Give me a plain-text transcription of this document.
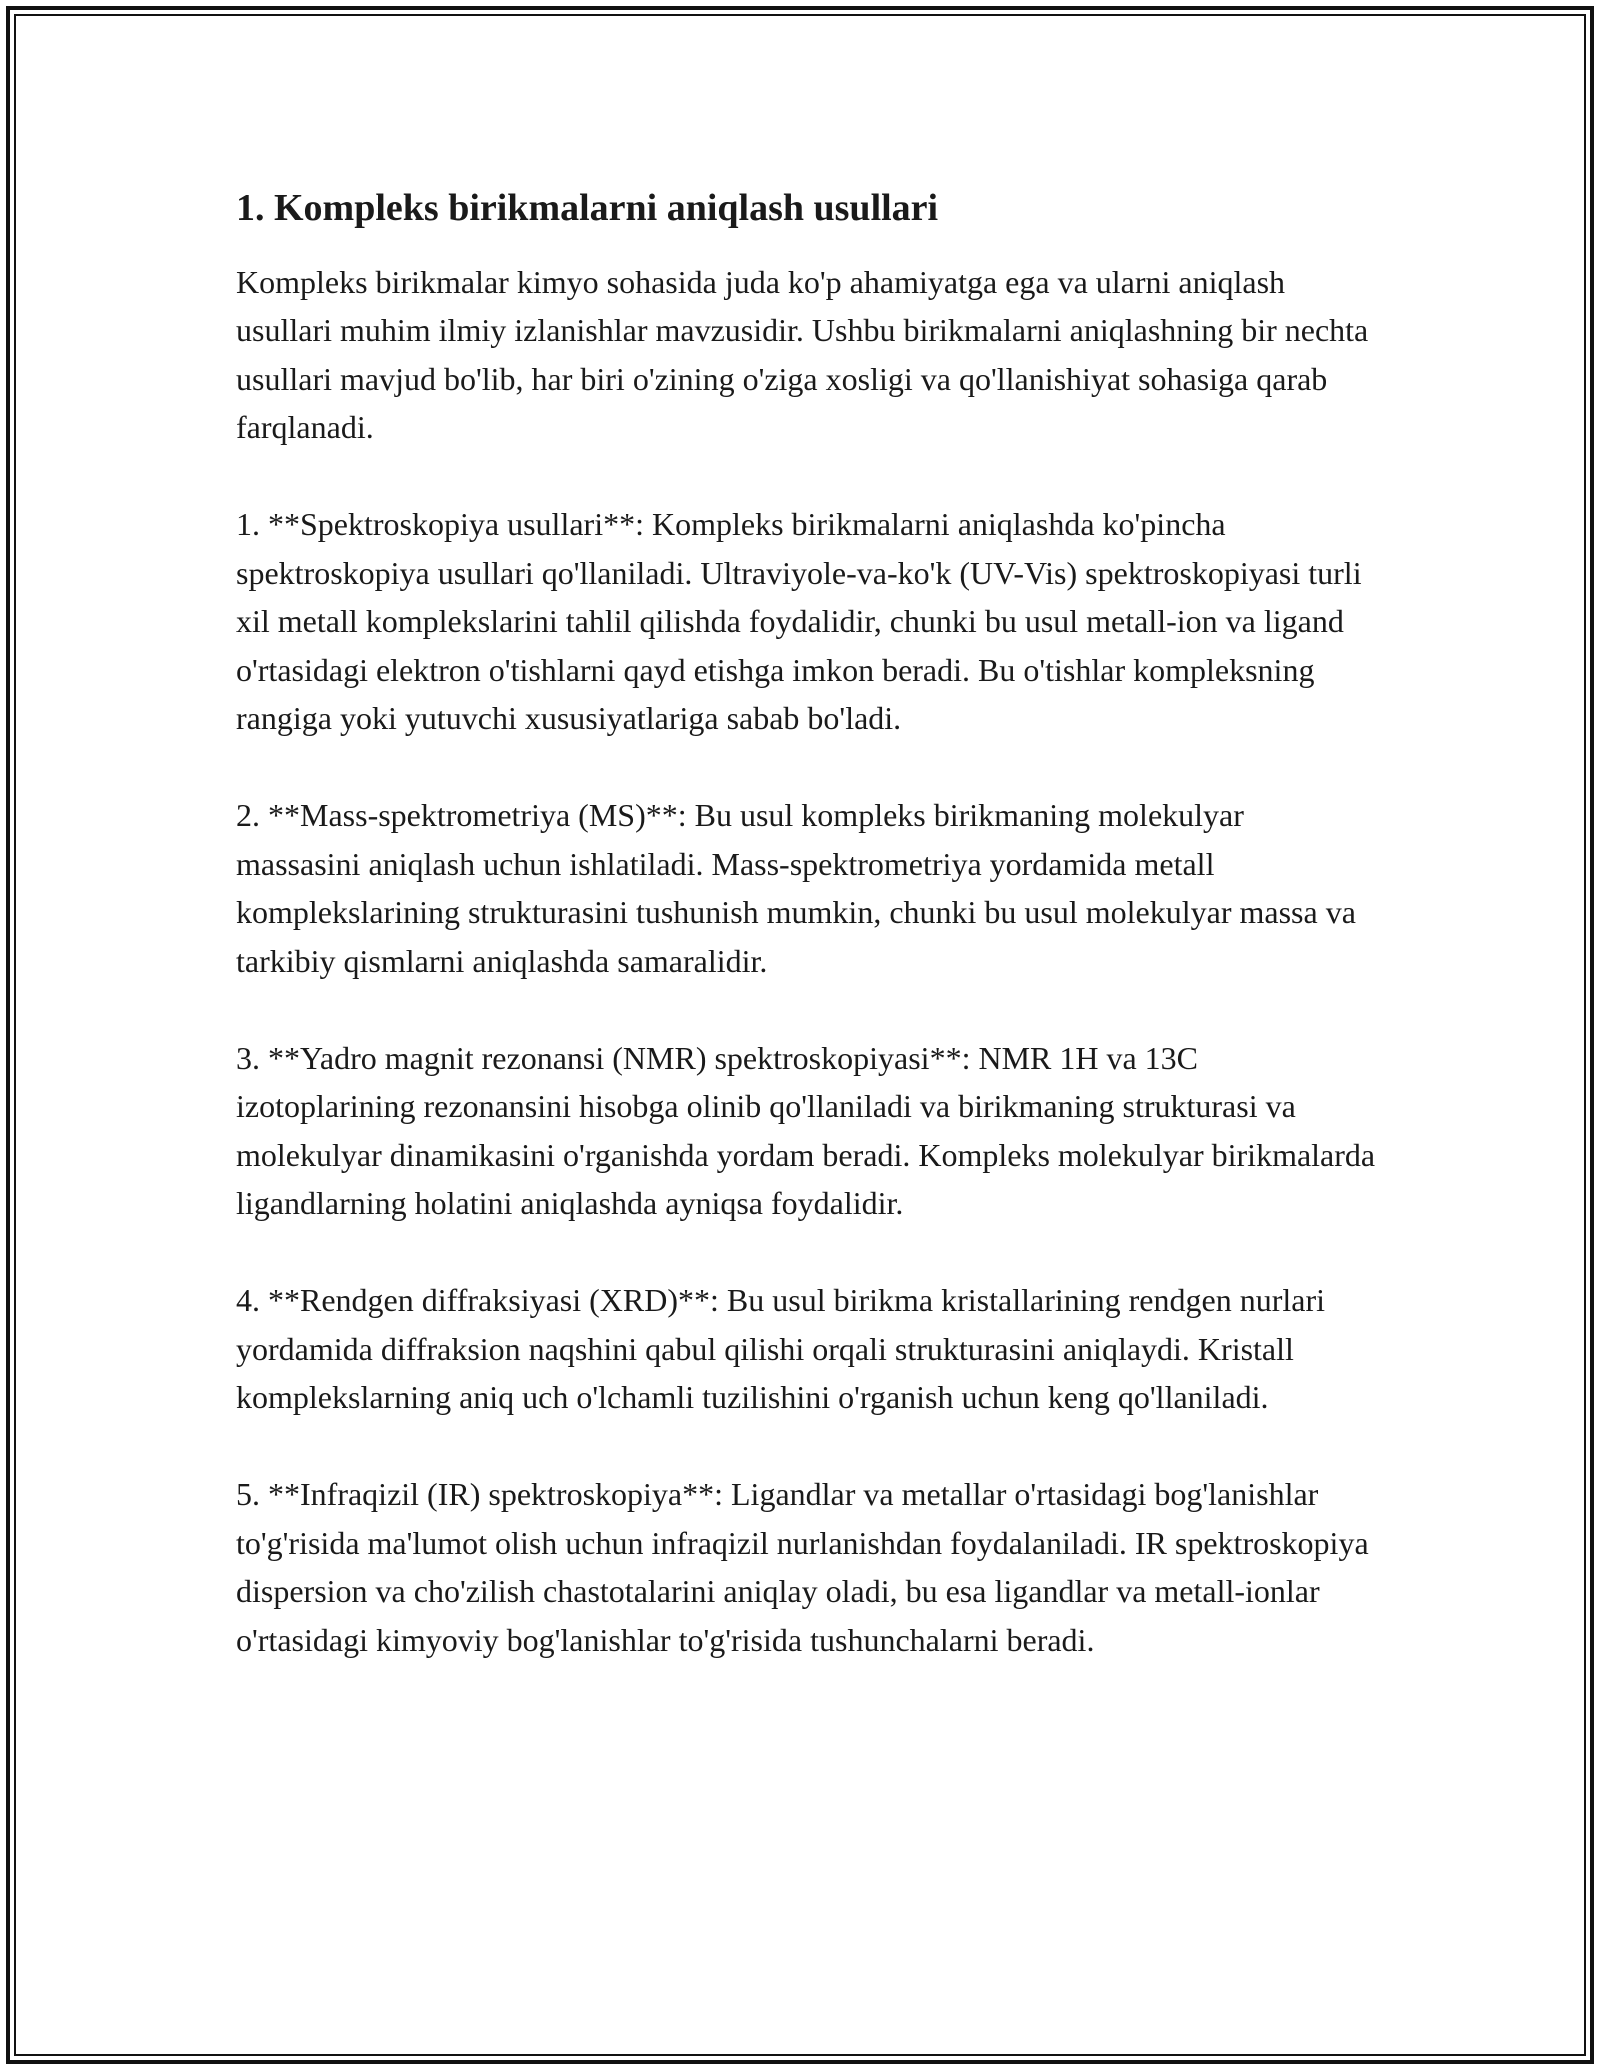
1. Kompleks birikmalarni aniqlash usullari

Kompleks birikmalar kimyo sohasida juda ko'p ahamiyatga ega va ularni aniqlash usullari muhim ilmiy izlanishlar mavzusidir. Ushbu birikmalarni aniqlashning bir nechta usullari mavjud bo'lib, har biri o'zining o'ziga xosligi va qo'llanishiyat sohasiga qarab farqlanadi.

1. **Spektroskopiya usullari**: Kompleks birikmalarni aniqlashda ko'pincha spektroskopiya usullari qo'llaniladi. Ultraviyole-va-ko'k (UV-Vis) spektroskopiyasi turli xil metall komplekslarini tahlil qilishda foydalidir, chunki bu usul metall-ion va ligand o'rtasidagi elektron o'tishlarni qayd etishga imkon beradi. Bu o'tishlar kompleksning rangiga yoki yutuvchi xususiyatlariga sabab bo'ladi.

2. **Mass-spektrometriya (MS)**: Bu usul kompleks birikmaning molekulyar massasini aniqlash uchun ishlatiladi. Mass-spektrometriya yordamida metall komplekslarining strukturasini tushunish mumkin, chunki bu usul molekulyar massa va tarkibiy qismlarni aniqlashda samaralidir.

3. **Yadro magnit rezonansi (NMR) spektroskopiyasi**: NMR 1H va 13C izotoplarining rezonansini hisobga olinib qo'llaniladi va birikmaning strukturasi va molekulyar dinamikasini o'rganishda yordam beradi. Kompleks molekulyar birikmalarda ligandlarning holatini aniqlashda ayniqsa foydalidir.

4. **Rendgen diffraksiyasi (XRD)**: Bu usul birikma kristallarining rendgen nurlari yordamida diffraksion naqshini qabul qilishi orqali strukturasini aniqlaydi. Kristall komplekslarning aniq uch o'lchamli tuzilishini o'rganish uchun keng qo'llaniladi.

5. **Infraqizil (IR) spektroskopiya**: Ligandlar va metallar o'rtasidagi bog'lanishlar to'g'risida ma'lumot olish uchun infraqizil nurlanishdan foydalaniladi. IR spektroskopiya dispersion va cho'zilish chastotalarini aniqlay oladi, bu esa ligandlar va metall-ionlar o'rtasidagi kimyoviy bog'lanishlar to'g'risida tushunchalarni beradi.
